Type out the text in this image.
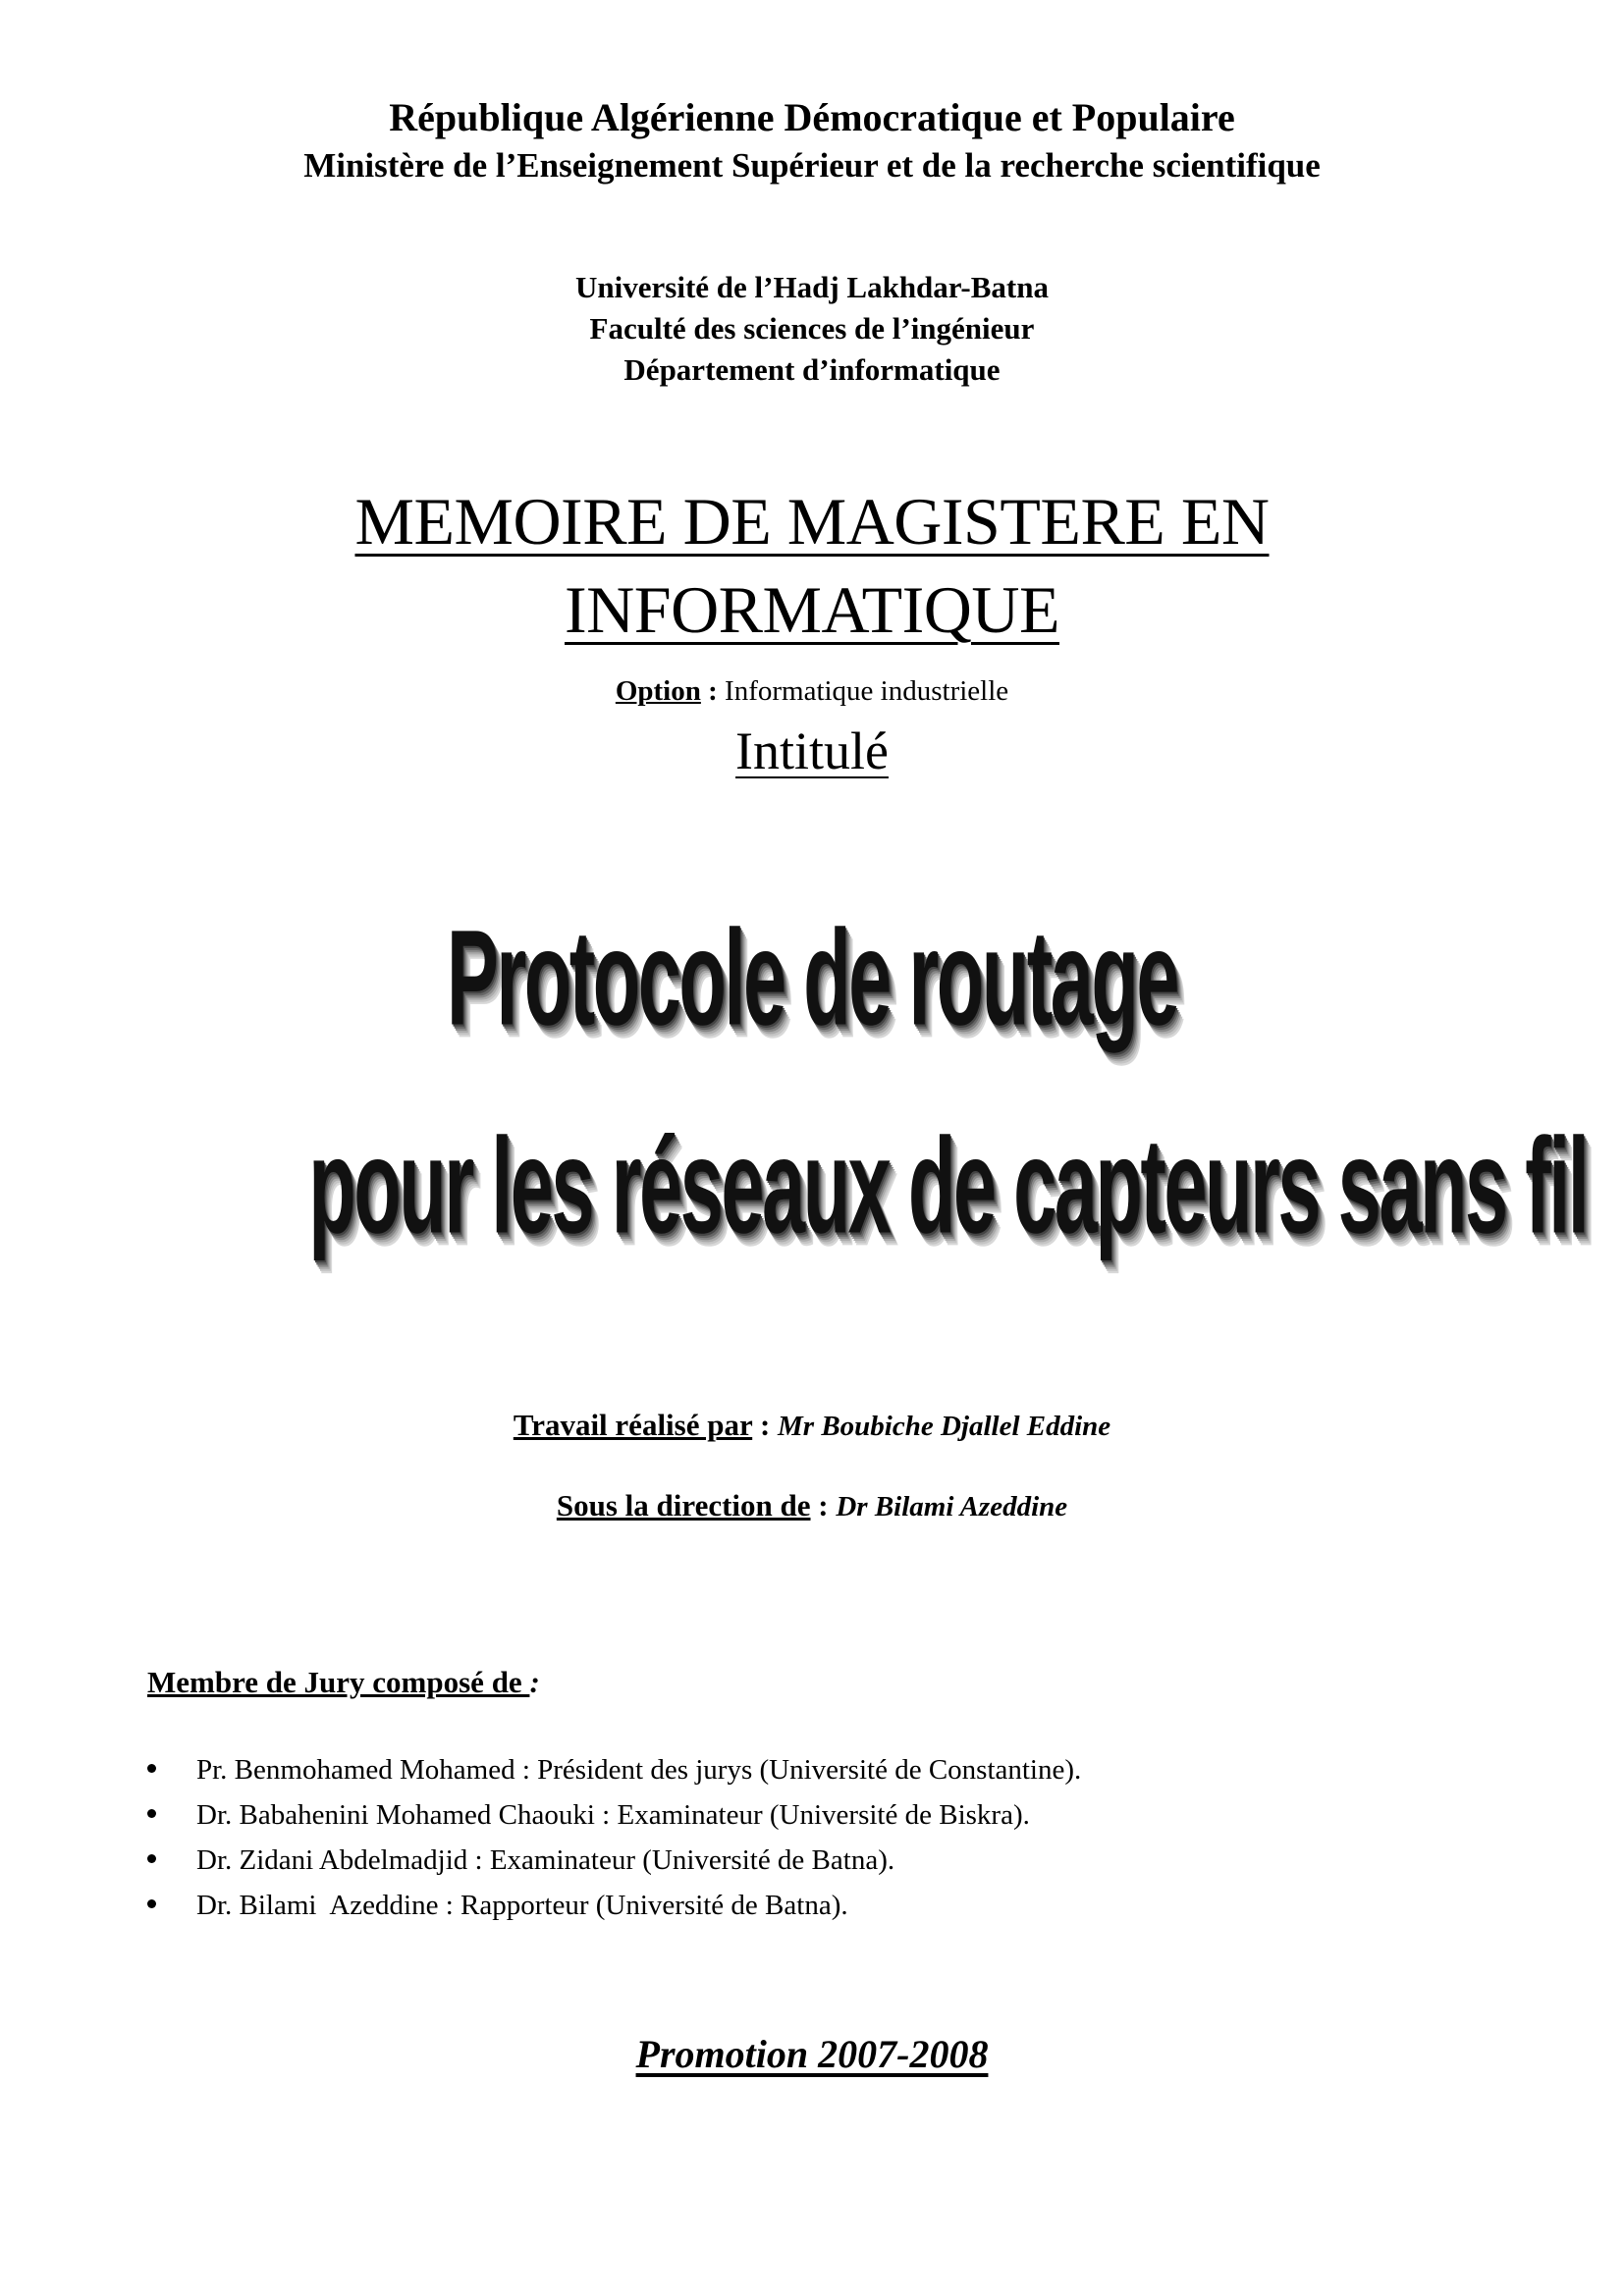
République Algérienne Démocratique et Populaire
Ministère de l’Enseignement Supérieur et de la recherche scientifique
Université de l’Hadj Lakhdar-Batna
Faculté des sciences de l’ingénieur
Département d’informatique
MEMOIRE DE MAGISTERE EN
INFORMATIQUE
Option : Informatique industrielle
Intitulé
Protocole de routage
pour les réseaux de capteurs sans fil
Travail réalisé par : Mr Boubiche Djallel Eddine
Sous la direction de : Dr Bilami Azeddine
Membre de Jury composé de :
Pr. Benmohamed Mohamed : Président des jurys (Université de Constantine).
Dr. Babahenini Mohamed Chaouki : Examinateur (Université de Biskra).
Dr. Zidani Abdelmadjid : Examinateur (Université de Batna).
Dr. Bilami  Azeddine : Rapporteur (Université de Batna).
Promotion 2007-2008
